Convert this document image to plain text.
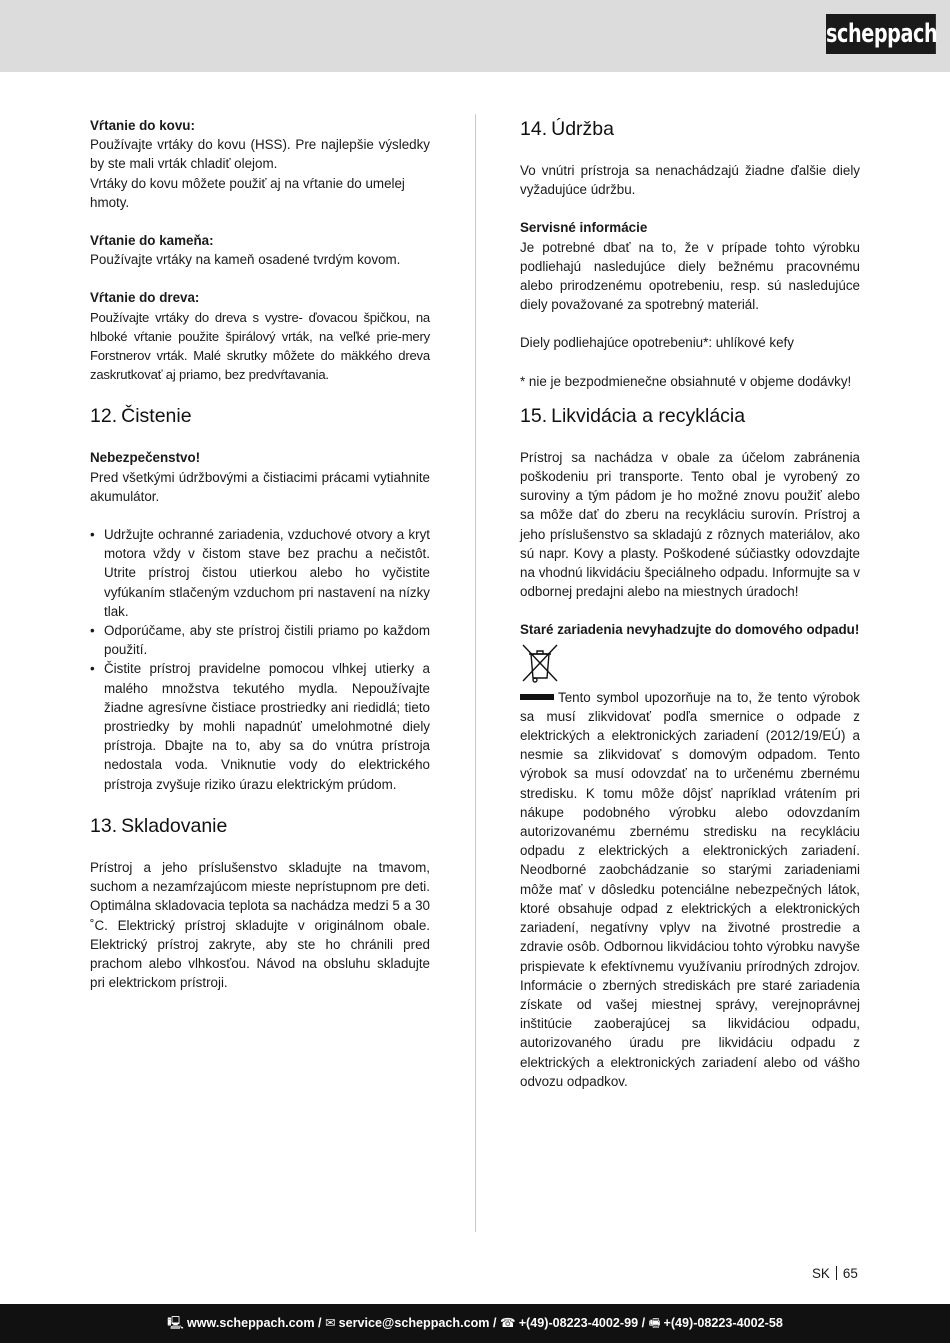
scheppach

Vŕtanie do kovu:

Používajte vrtáky do kovu (HSS). Pre najlepšie výsledky by ste mali vrták chladiť olejom.

Vrtáky do kovu môžete použiť aj na vŕtanie do umelej hmoty.

Vŕtanie do kameňa:

Používajte vrtáky na kameň osadené tvrdým kovom.

Vŕtanie do dreva:

Používajte vrtáky do dreva s vystre- ďovacou špičkou, na hlboké vŕtanie použite špirálový vrták, na veľké prie-mery Forstnerov vrták. Malé skrutky môžete do mäkkého dreva zaskrutkovať aj priamo, bez predvŕtavania.

12. Čistenie

Nebezpečenstvo!

Pred všetkými údržbovými a čistiacimi prácami vytiahnite akumulátor.

• Udržujte ochranné zariadenia, vzduchové otvory a kryt motora vždy v čistom stave bez prachu a nečistôt. Utrite prístroj čistou utierkou alebo ho vyčistite vyfúkaním stlačeným vzduchom pri nastavení na nízky tlak.
• Odporúčame, aby ste prístroj čistili priamo po každom použití.
• Čistite prístroj pravidelne pomocou vlhkej utierky a malého množstva tekutého mydla. Nepoužívajte žiadne agresívne čistiace prostriedky ani riedidlá; tieto prostriedky by mohli napadnúť umelohmotné diely prístroja. Dbajte na to, aby sa do vnútra prístroja nedostala voda. Vniknutie vody do elektrického prístroja zvyšuje riziko úrazu elektrickým prúdom.
13. Skladovanie

Prístroj a jeho príslušenstvo skladujte na tmavom, suchom a nezamŕzajúcom mieste neprístupnom pre deti. Optimálna skladovacia teplota sa nachádza medzi 5 a 30 ˚C. Elektrický prístroj skladujte v originálnom obale. Elektrický prístroj zakryte, aby ste ho chránili pred prachom alebo vlhkosťou. Návod na obsluhu skladujte pri elektrickom prístroji.

14. Údržba

Vo vnútri prístroja sa nenachádzajú žiadne ďalšie diely vyžadujúce údržbu.

Servisné informácie

Je potrebné dbať na to, že v prípade tohto výrobku podliehajú nasledujúce diely bežnému pracovnému alebo prirodzenému opotrebeniu, resp. sú nasledujúce diely považované za spotrebný materiál.

Diely podliehajúce opotrebeniu*: uhlíkové kefy

* nie je bezpodmienečne obsiahnuté v objeme dodávky!

15. Likvidácia a recyklácia

Prístroj sa nachádza v obale za účelom zabránenia poškodeniu pri transporte. Tento obal je vyrobený zo suroviny a tým pádom je ho možné znovu použiť alebo sa môže dať do zberu na recykláciu surovín. Prístroj a jeho príslušenstvo sa skladajú z rôznych materiálov, ako sú napr. Kovy a plasty. Poškodené súčiastky odovzdajte na vhodnú likvidáciu špeciálneho odpadu. Informujte sa v odbornej predajni alebo na miestnych úradoch!

Staré zariadenia nevyhadzujte do domového odpadu!

Tento symbol upozorňuje na to, že tento výrobok sa musí zlikvidovať podľa smernice o odpade z elektrických a elektronických zariadení (2012/19/EÚ) a nesmie sa zlikvidovať s domovým odpadom. Tento výrobok sa musí odovzdať na to určenému zbernému stredisku. K tomu môže dôjsť napríklad vrátením pri nákupe podobného výrobku alebo odovzdaním autorizovanému zbernému stredisku na recykláciu odpadu z elektrických a elektronických zariadení. Neodborné zaobchádzanie so starými zariadeniami môže mať v dôsledku potenciálne nebezpečných látok, ktoré obsahuje odpad z elektrických a elektronických zariadení, negatívny vplyv na životné prostredie a zdravie osôb. Odbornou likvidáciou tohto výrobku navyše prispievate k efektívnemu využívaniu prírodných zdrojov. Informácie o zberných strediskách pre staré zariadenia získate od vašej miestnej správy, verejnoprávnej inštitúcie zaoberajúcej sa likvidáciou odpadu, autorizovaného úradu pre likvidáciu odpadu z elektrických a elektronických zariadení alebo od vášho odvozu odpadkov.

SK 65
🖳 www.scheppach.com / ✉ service@scheppach.com / ☎ +(49)-08223-4002-99 / 🖷 +(49)-08223-4002-58
